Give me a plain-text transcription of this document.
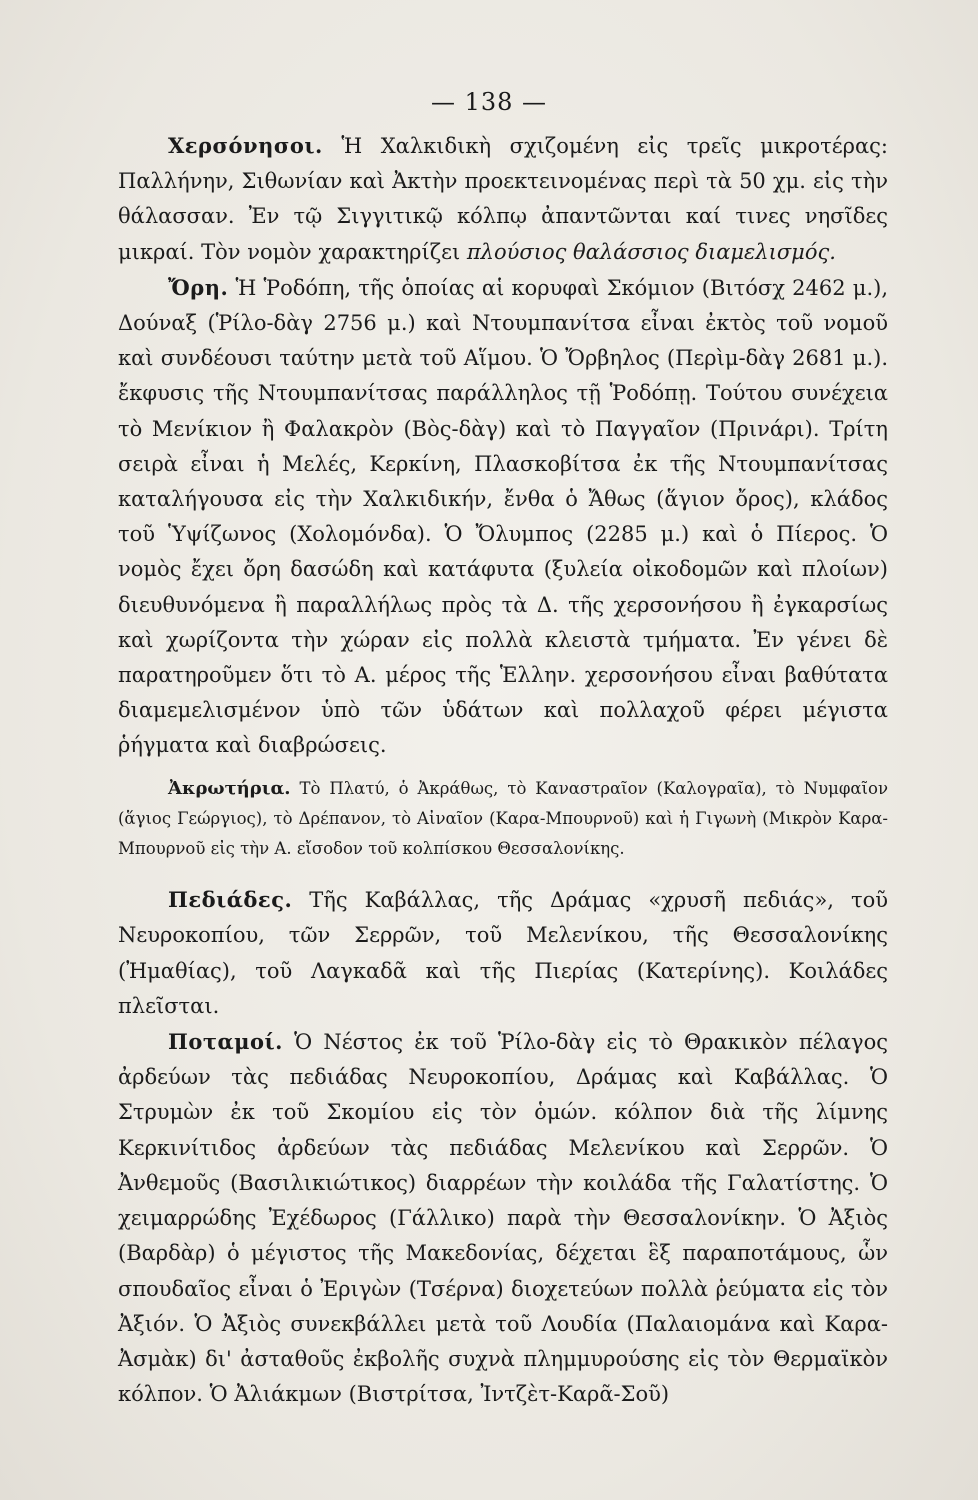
— 138 —

Χερσόνησοι. Ἡ Χαλκιδικὴ σχιζομένη εἰς τρεῖς μικροτέρας: Παλλήνην, Σιθωνίαν καὶ Ἀκτὴν προεκτεινομένας περὶ τὰ 50 χμ. εἰς τὴν θάλασσαν. Ἐν τῷ Σιγγιτικῷ κόλπῳ ἀπαντῶνται καί τινες νησῖδες μικραί. Τὸν νομὸν χαρακτηρίζει πλούσιος θαλάσσιος διαμελισμός.

Ὄρη. Ἡ Ῥοδόπη, τῆς ὁποίας αἱ κορυφαὶ Σκόμιον (Βιτόσχ 2462 μ.), Δούναξ (Ῥίλο-δὰγ 2756 μ.) καὶ Ντουμπανίτσα εἶναι ἐκτὸς τοῦ νομοῦ καὶ συνδέουσι ταύτην μετὰ τοῦ Αἵμου. Ὁ Ὄρβηλος (Περὶμ-δὰγ 2681 μ.). ἔκφυσις τῆς Ντουμπανίτσας παράλληλος τῇ Ῥοδόπῃ. Τούτου συνέχεια τὸ Μενίκιον ἢ Φαλακρὸν (Βὸς-δὰγ) καὶ τὸ Παγγαῖον (Πρινάρι). Τρίτη σειρὰ εἶναι ἡ Μελές, Κερκίνη, Πλασκοβίτσα ἐκ τῆς Ντουμπανίτσας καταλήγουσα εἰς τὴν Χαλκιδικήν, ἔνθα ὁ Ἄθως (ἅγιον ὄρος), κλάδος τοῦ Ὑψίζωνος (Χολομόνδα). Ὁ Ὄλυμπος (2285 μ.) καὶ ὁ Πίερος. Ὁ νομὸς ἔχει ὄρη δασώδη καὶ κατάφυτα (ξυλεία οἰκοδομῶν καὶ πλοίων) διευθυνόμενα ἢ παραλλήλως πρὸς τὰ Δ. τῆς χερσονήσου ἢ ἐγκαρσίως καὶ χωρίζοντα τὴν χώραν εἰς πολλὰ κλειστὰ τμήματα. Ἐν γένει δὲ παρατηροῦμεν ὅτι τὸ Α. μέρος τῆς Ἑλλην. χερσονήσου εἶναι βαθύτατα διαμεμελισμένον ὑπὸ τῶν ὑδάτων καὶ πολλαχοῦ φέρει μέγιστα ῥήγματα καὶ διαβρώσεις.

Ἀκρωτήρια. Τὸ Πλατύ, ὁ Ἀκράθως, τὸ Καναστραῖον (Καλογραῖα), τὸ Νυμφαῖον (ἅγιος Γεώργιος), τὸ Δρέπανον, τὸ Αἰναῖον (Καρα-Μπουρνοῦ) καὶ ἡ Γιγωνὴ (Μικρὸν Καρα-Μπουρνοῦ εἰς τὴν Α. εἴσοδον τοῦ κολπίσκου Θεσσαλονίκης.

Πεδιάδες. Τῆς Καβάλλας, τῆς Δράμας «χρυσῆ πεδιάς», τοῦ Νευροκοπίου, τῶν Σερρῶν, τοῦ Μελενίκου, τῆς Θεσσαλονίκης (Ἠμαθίας), τοῦ Λαγκαδᾶ καὶ τῆς Πιερίας (Κατερίνης). Κοιλάδες πλεῖσται.

Ποταμοί. Ὁ Νέστος ἐκ τοῦ Ῥίλο-δὰγ εἰς τὸ Θρακικὸν πέλαγος ἀρδεύων τὰς πεδιάδας Νευροκοπίου, Δράμας καὶ Καβάλλας. Ὁ Στρυμὼν ἐκ τοῦ Σκομίου εἰς τὸν ὁμών. κόλπον διὰ τῆς λίμνης Κερκινίτιδος ἀρδεύων τὰς πεδιάδας Μελενίκου καὶ Σερρῶν. Ὁ Ἀνθεμοῦς (Βασιλικιώτικος) διαρρέων τὴν κοιλάδα τῆς Γαλατίστης. Ὁ χειμαρρώδης Ἐχέδωρος (Γάλλικο) παρὰ τὴν Θεσσαλονίκην. Ὁ Ἀξιὸς (Βαρδὰρ) ὁ μέγιστος τῆς Μακεδονίας, δέχεται ἓξ παραποτάμους, ὧν σπουδαῖος εἶναι ὁ Ἐριγὼν (Τσέρνα) διοχετεύων πολλὰ ῥεύματα εἰς τὸν Ἀξιόν. Ὁ Ἀξιὸς συνεκβάλλει μετὰ τοῦ Λουδία (Παλαιομάνα καὶ Καρα-Ἀσμὰκ) δι' ἀσταθοῦς ἐκβολῆς συχνὰ πλημμυρούσης εἰς τὸν Θερμαϊκὸν κόλπον. Ὁ Ἀλιάκμων (Βιστρίτσα, Ἰντζὲτ-Καρᾶ-Σοῦ)
